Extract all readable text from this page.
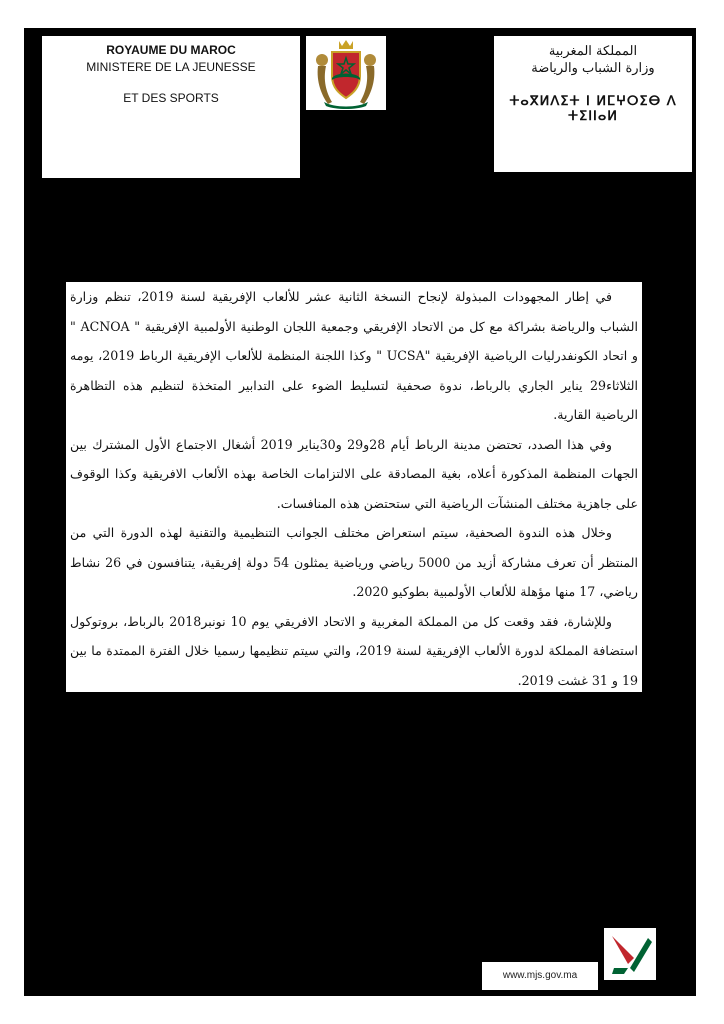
ROYAUME DU MAROC
MINISTERE DE LA JEUNESSE
ET DES SPORTS
المملكة المغربية
وزارة الشباب والرياضة
ⵜⴰⴳⵍⴷⵉⵜ ⵏ ⵍⵎⵖⵔⵉⴱ ⴷ ⵜⵉⵏⵏⴰⵍ

في إطار المجهودات المبذولة لإنجاح النسخة الثانية عشر للألعاب الإفريقية لسنة 2019، تنظم وزارة الشباب والرياضة بشراكة مع كل من الاتحاد الإفريقي وجمعية اللجان الوطنية الأولمبية الإفريقية " ACNOA " و اتحاد الكونفدرليات الرياضية الإفريقية "UCSA " وكذا اللجنة المنظمة للألعاب الإفريقية الرباط 2019، يومه الثلاثاء29 يناير الجاري بالرباط، ندوة صحفية لتسليط الضوء على التدابير المتخذة لتنظيم هذه التظاهرة الرياضية القارية.

وفي هذا الصدد، تحتضن مدينة الرباط أيام 28و29 و30يناير 2019 أشغال الاجتماع الأول المشترك بين الجهات المنظمة المذكورة أعلاه، بغية المصادقة على الالتزامات الخاصة بهذه الألعاب الافريقية وكذا الوقوف على جاهزية مختلف المنشآت الرياضية التي ستحتضن هذه المنافسات.

وخلال هذه الندوة الصحفية، سيتم استعراض مختلف الجوانب التنظيمية والتقنية لهذه الدورة التي من المنتظر أن تعرف مشاركة أزيد من 5000 رياضي ورياضية يمثلون 54 دولة إفريقية، يتنافسون في 26 نشاط رياضي، 17 منها مؤهلة للألعاب الأولمبية بطوكيو 2020.

وللإشارة، فقد وقعت كل من المملكة المغربية و الاتحاد الافريقي يوم 10 نونبر2018 بالرباط، بروتوكول استضافة المملكة لدورة الألعاب الإفريقية لسنة 2019، والتي سيتم تنظيمها رسميا خلال الفترة الممتدة ما بين 19 و 31 غشت 2019.

www.mjs.gov.ma
